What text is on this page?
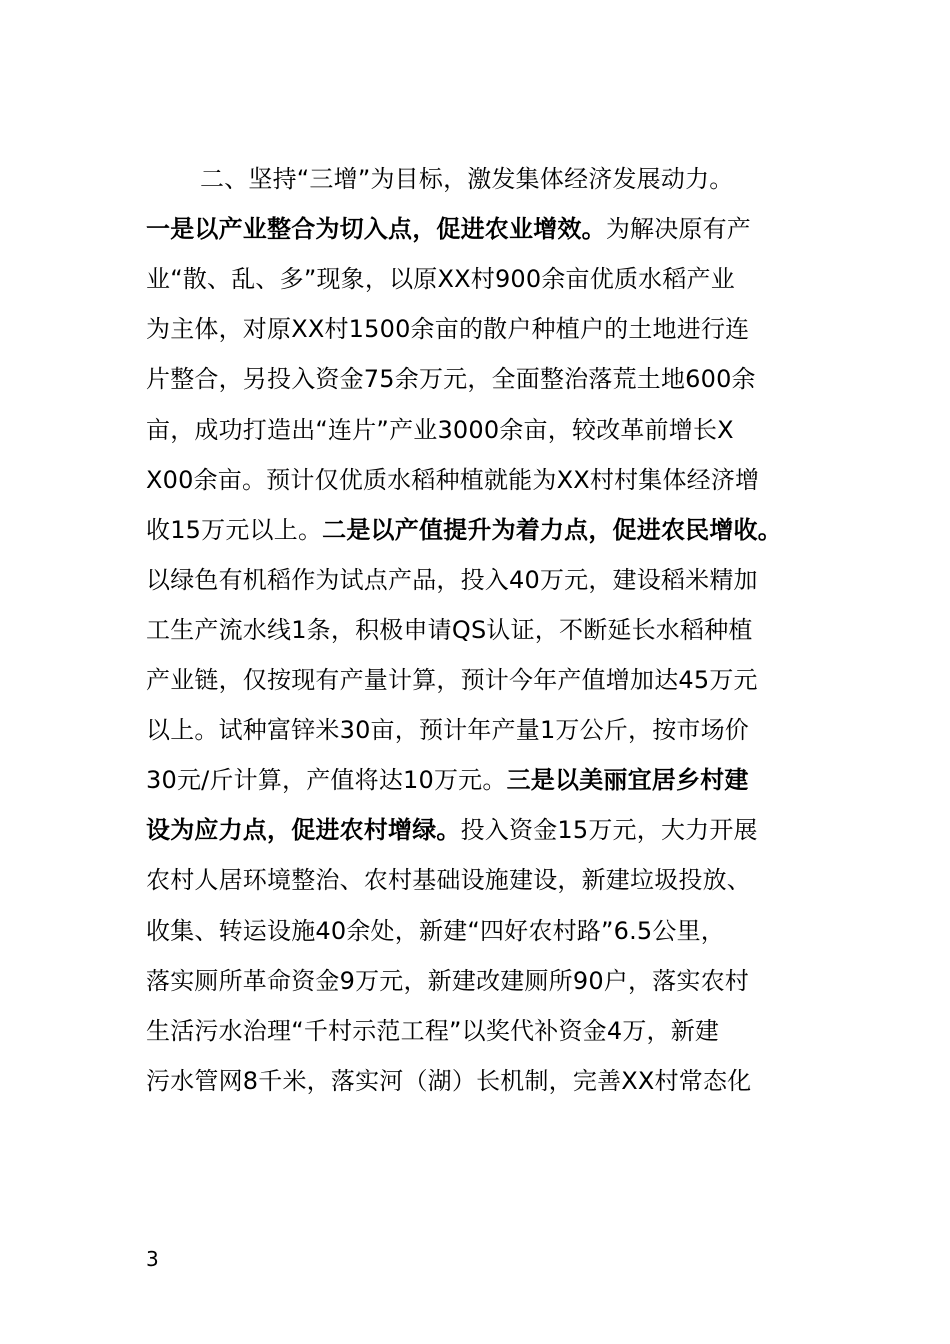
二、坚持“三增”为目标，激发集体经济发展动力。
一是以产业整合为切入点，促进农业增效。为解决原有产
业“散、乱、多”现象，以原XX村900余亩优质水稻产业
为主体，对原XX村1500余亩的散户种植户的土地进行连
片整合，另投入资金75余万元，全面整治落荒土地600余
亩，成功打造出“连片”产业3000余亩，较改革前增长X
X00余亩。预计仅优质水稻种植就能为XX村村集体经济增
收15万元以上。二是以产值提升为着力点，促进农民增收。
以绿色有机稻作为试点产品，投入40万元，建设稻米精加
工生产流水线1条，积极申请QS认证，不断延长水稻种植
产业链，仅按现有产量计算，预计今年产值增加达45万元
以上。试种富锌米30亩，预计年产量1万公斤，按市场价
30元/斤计算，产值将达10万元。三是以美丽宜居乡村建
设为应力点，促进农村增绿。投入资金15万元，大力开展
农村人居环境整治、农村基础设施建设，新建垃圾投放、
收集、转运设施40余处，新建“四好农村路”6.5公里，
落实厕所革命资金9万元，新建改建厕所90户，落实农村
生活污水治理“千村示范工程”以奖代补资金4万，新建
污水管网8千米，落实河（湖）长机制，完善XX村常态化
3
